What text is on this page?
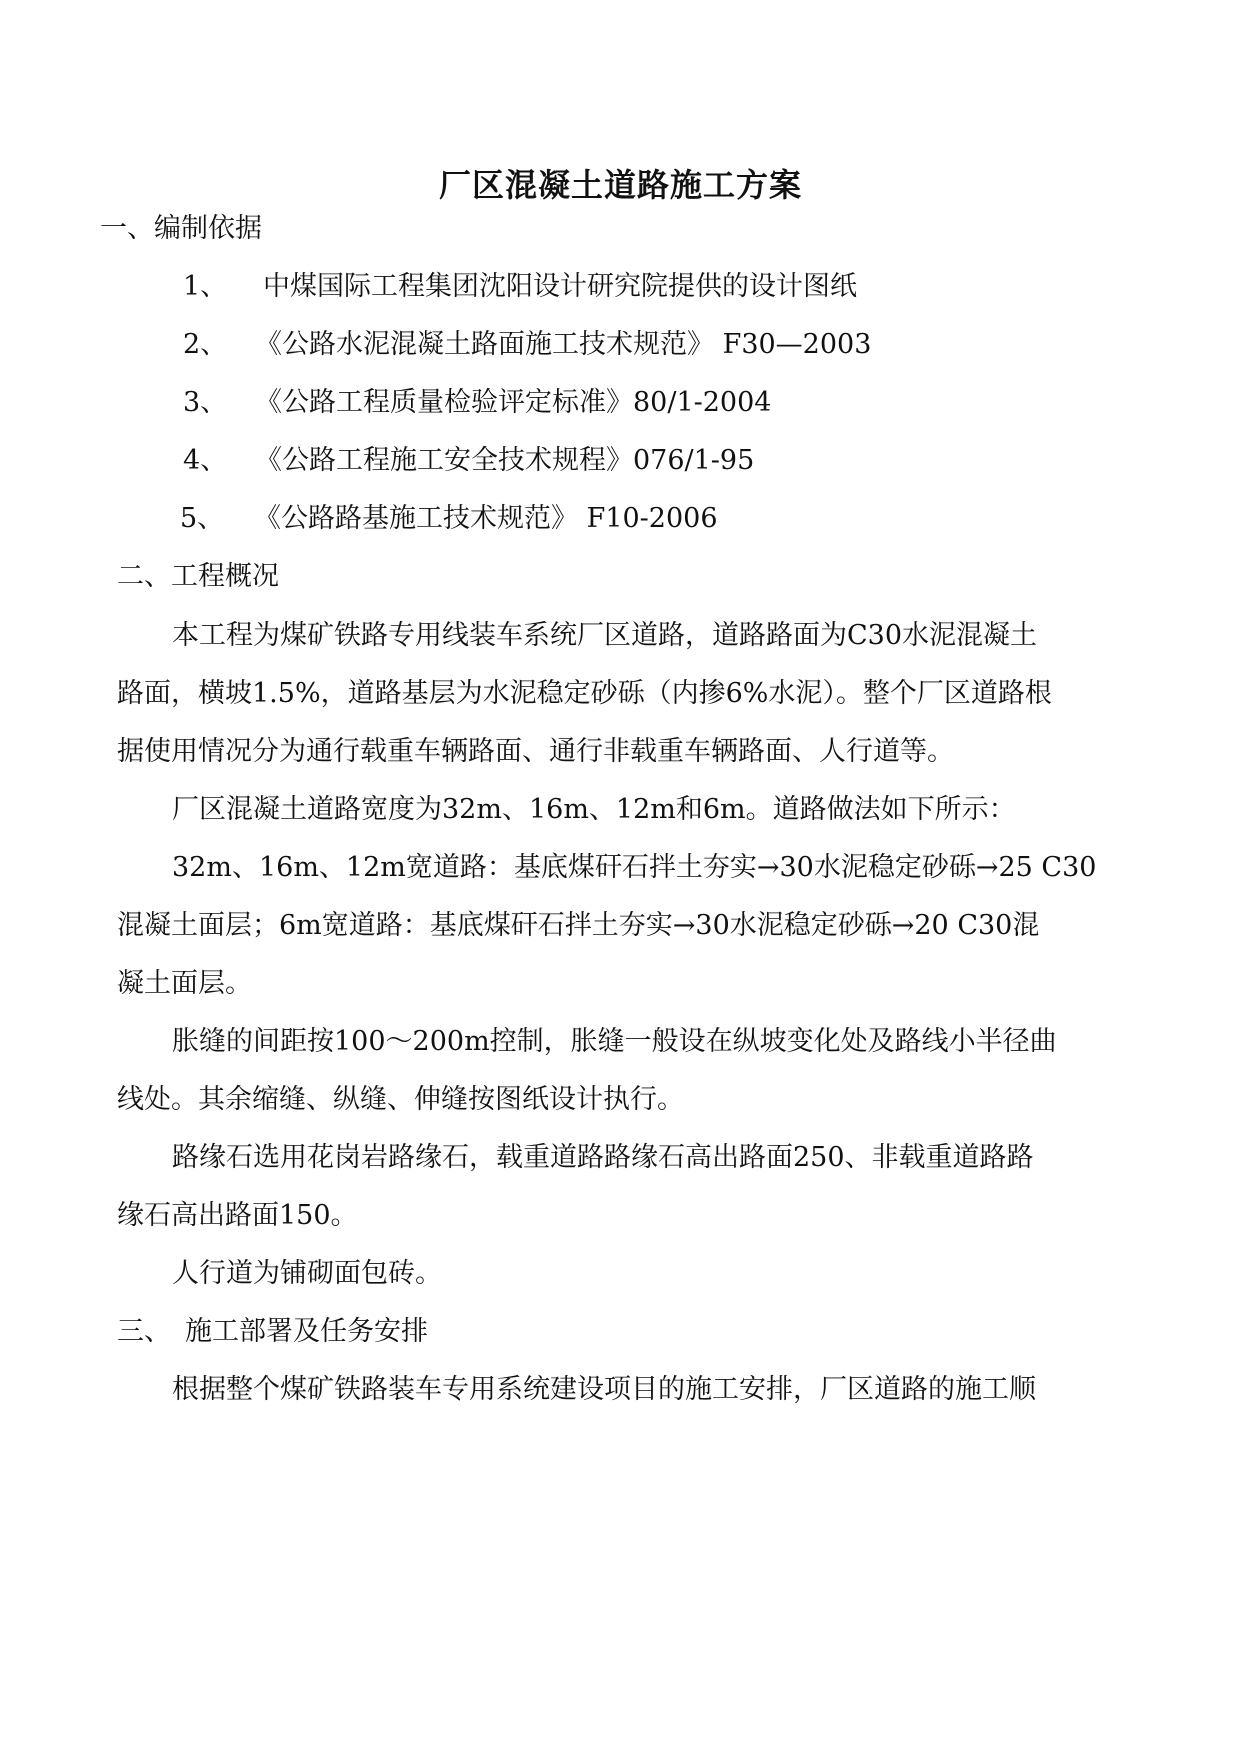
厂区混凝土道路施工方案
一、编制依据
1、 中煤国际工程集团沈阳设计研究院提供的设计图纸
2、 《公路水泥混凝土路面施工技术规范》 F30—2003
3、 《公路工程质量检验评定标准》80/1-2004
4、 《公路工程施工安全技术规程》076/1-95
5、 《公路路基施工技术规范》 F10-2006
二、工程概况
本工程为煤矿铁路专用线装车系统厂区道路，道路路面为C30水泥混凝土
路面，横坡1.5%，道路基层为水泥稳定砂砾（内掺6%水泥）。整个厂区道路根
据使用情况分为通行载重车辆路面、通行非载重车辆路面、人行道等。
厂区混凝土道路宽度为32m、16m、12m和6m。道路做法如下所示：
32m、16m、12m宽道路：基底煤矸石拌土夯实→30水泥稳定砂砾→25 C30
混凝土面层；6m宽道路：基底煤矸石拌土夯实→30水泥稳定砂砾→20 C30混
凝土面层。
胀缝的间距按100～200m控制，胀缝一般设在纵坡变化处及路线小半径曲
线处。其余缩缝、纵缝、伸缝按图纸设计执行。
路缘石选用花岗岩路缘石，载重道路路缘石高出路面250、非载重道路路
缘石高出路面150。
人行道为铺砌面包砖。
三、 施工部署及任务安排
根据整个煤矿铁路装车专用系统建设项目的施工安排，厂区道路的施工顺
